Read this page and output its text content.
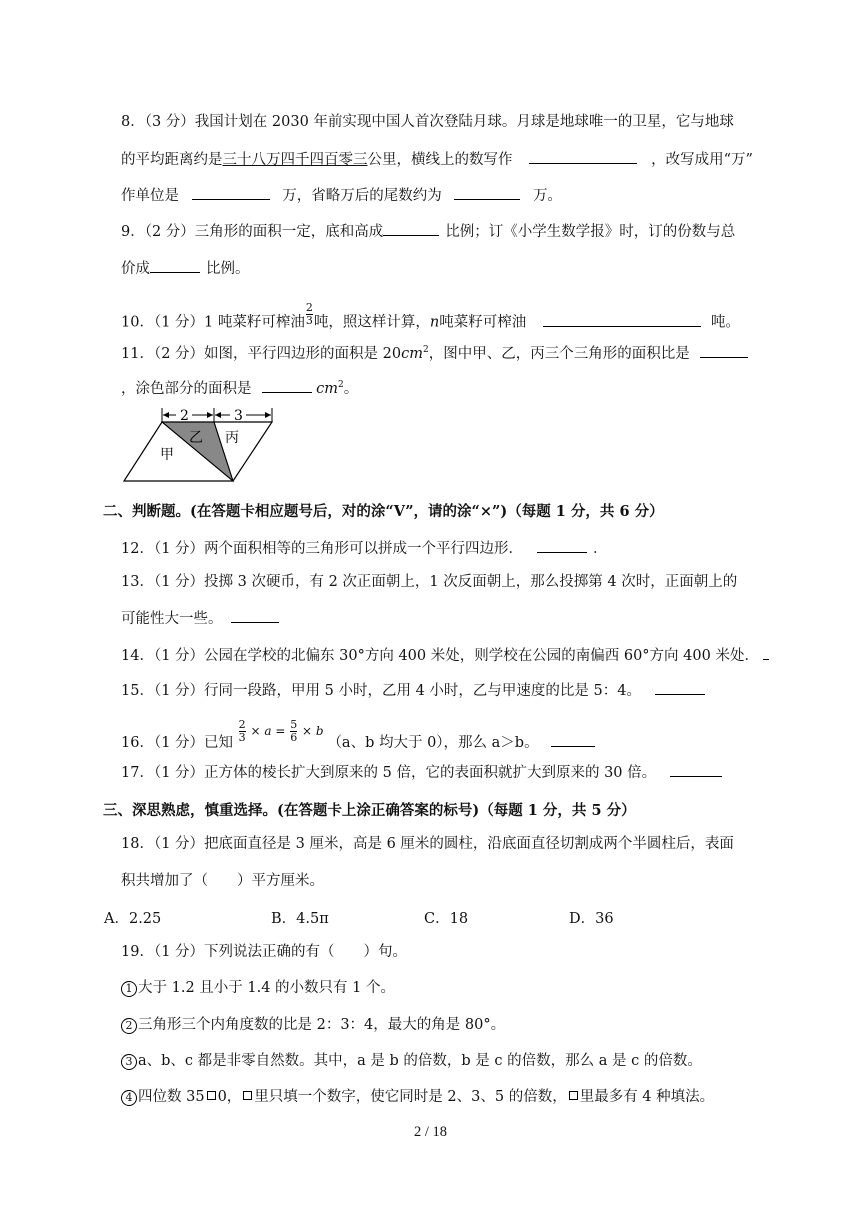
8．（3 分）我国计划在 2030 年前实现中国人首次登陆月球。月球是地球唯一的卫星，它与地球
的平均距离约是三十八万四千四百零三公里，横线上的数写作	，改写成用“万”
作单位是	万，省略万后的尾数约为	万。
9．（2 分）三角形的面积一定，底和高成	比例；订《小学生数学报》时，订的份数与总
价成	比例。
10．（1 分）1 吨菜籽可榨油 $\frac{2}{3}$ 吨，照这样计算，n吨菜籽可榨油	吨。
11．（2 分）如图，平行四边形的面积是 $20cm^2$，图中甲、乙，丙三个三角形的面积比是
，涂色部分的面积是	$cm^2$。
2	3
乙 丙
甲
二、判断题。(在答题卡相应题号后，对的涂“V”，请的涂“×”)（每题 1 分，共 6 分）
12．（1 分）两个面积相等的三角形可以拼成一个平行四边形．	．
13．（1 分）投掷 3 次硬币，有 2 次正面朝上，1 次反面朝上，那么投掷第 4 次时，正面朝上的
可能性大一些。
14．（1 分）公园在学校的北偏东 30°方向 400 米处，则学校在公园的南偏西 60°方向 400 米处．
15．（1 分）行同一段路，甲用 5 小时，乙用 4 小时，乙与甲速度的比是 5：4。
16．（1 分）已知 $^{\frac{2}{3} \times a = \frac{5}{6} \times b}$ （a、b 均大于 0），那么 a＞b。
17．（1 分）正方体的棱长扩大到原来的 5 倍，它的表面积就扩大到原来的 30 倍。
三、深思熟虑，慎重选择。(在答题卡上涂正确答案的标号)（每题 1 分，共 5 分）
18．（1 分）把底面直径是 3 厘米，高是 6 厘米的圆柱，沿底面直径切割成两个半圆柱后，表面
积共增加了（　　）平方厘米。
A．2.25	B．4.5π	C．18	D．36
19．（1 分）下列说法正确的有（　　）句。
1 大于 1.2 且小于 1.4 的小数只有 1 个。
2 三角形三个内角度数的比是 2：3：4，最大的角是 80°。
3 a、b、c 都是非零自然数。其中，a 是 b 的倍数，b 是 c 的倍数，那么 a 是 c 的倍数。
4 四位数 35 0， 里只填一个数字，使它同时是 2、3、5 的倍数， 里最多有 4 种填法。
2 / 18
